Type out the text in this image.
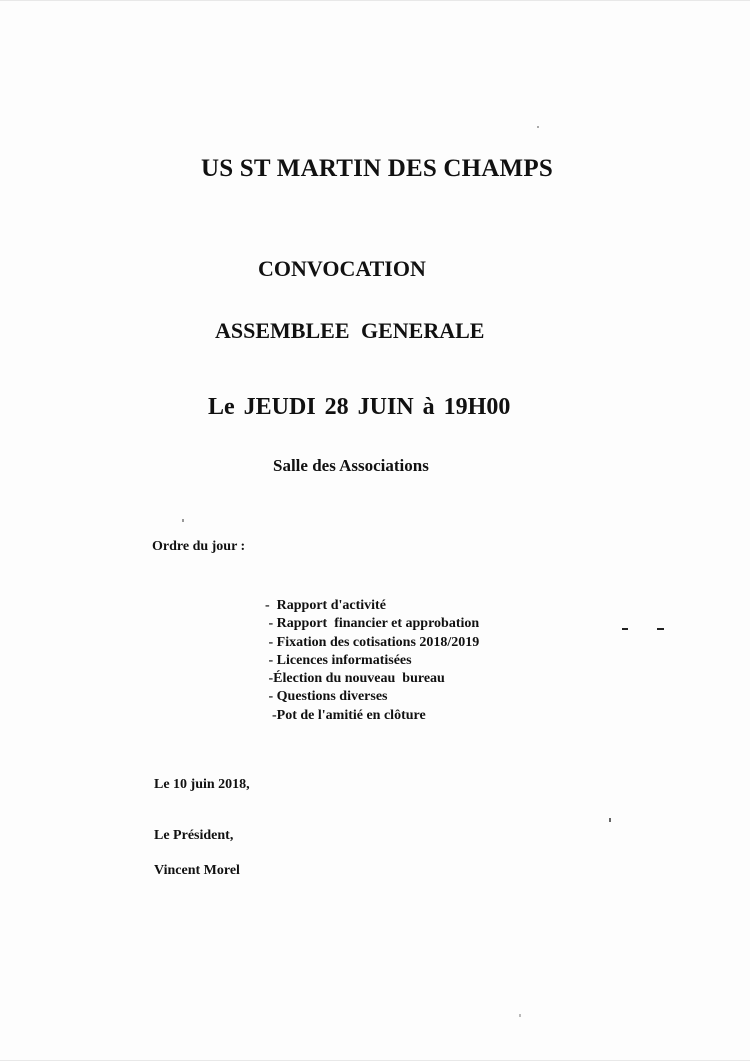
US ST MARTIN DES CHAMPS
CONVOCATION
ASSEMBLEE GENERALE
Le JEUDI 28 JUIN à 19H00
Salle des Associations
Ordre du jour :
-  Rapport d'activité
- Rapport  financier et approbation
- Fixation des cotisations 2018/2019
- Licences informatisées
-Élection du nouveau  bureau
- Questions diverses
-Pot de l'amitié en clôture
Le 10 juin 2018,
Le Président,
Vincent Morel
